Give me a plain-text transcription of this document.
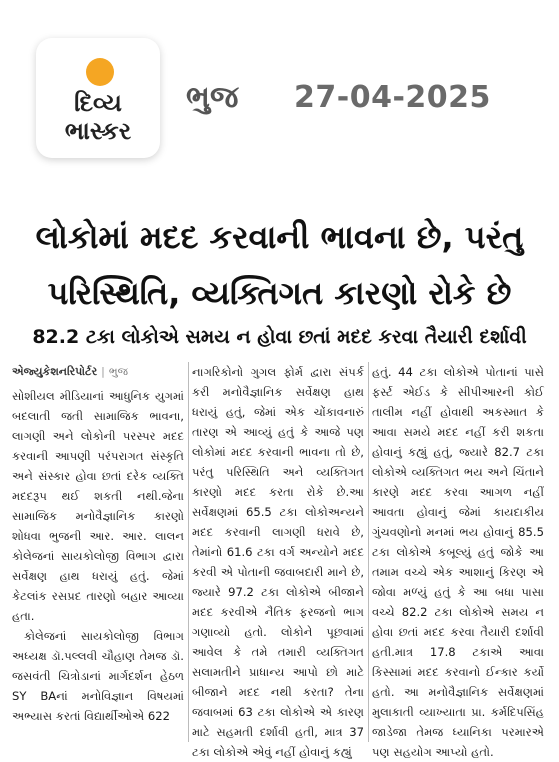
દિવ્ય
ભાસ્કર
ભુજ 27-04-2025
લોકોમાં મદદ કરવાની ભાવના છે, પરંતુ
પરિસ્થિતિ, વ્યક્તિગત કારણો રોકે છે
82.2 ટકા લોકોએ સમય ન હોવા છતાં મદદ કરવા તૈયારી દર્શાવી
એજ્યુકેશનરિપોર્ટર | ભુજ

સોશીયલ મીડિયાનાં આધુનિક યુગમાં બદલાતી જતી સામાજિક ભાવના, લાગણી અને લોકોની પરસ્પર મદદ કરવાની આપણી પરંપરાગત સંસ્કૃતિ અને સંસ્કાર હોવા છતાં દરેક વ્યક્તિ મદદરૂપ થઈ શકતી નથી.જેના સામાજિક મનોવૈજ્ઞાનિક કારણો શોધવા ભુજની આર. આર. લાલન કોલેજનાં સાયકોલોજી વિભાગ દ્વારા સર્વેક્ષણ હાથ ધરાયું હતું. જેમાં કેટલાંક રસપ્રદ તારણો બહાર આવ્યા હતા.

કોલેજનાં સાયકોલોજી વિભાગ અધ્યક્ષ ડૉ.પલ્લવી ચૌહાણ તેમજ ડૉ. જસવંતી ચિત્રોડાનાં માર્ગદર્શન હેઠળ SY BAનાં મનોવિજ્ઞાન વિષયમાં અભ્યાસ કરતાં વિદ્યાર્થીઓએ 622

નાગરિકોનો ગુગલ ફોર્મ દ્વારા સંપર્ક કરી મનોવૈજ્ઞાનિક સર્વેક્ષણ હાથ ધરાયું હતું, જેમાં એક ચોંકાવનારું તારણ એ આવ્યું હતું કે આજે પણ લોકોમાં મદદ કરવાની ભાવના તો છે, પરંતુ પરિસ્થિતિ અને વ્યક્તિગત કારણો મદદ કરતા રોકે છે.આ સર્વેક્ષણમાં 65.5 ટકા લોકોઅન્યને મદદ કરવાની લાગણી ધરાવે છે, તેમાંનો 61.6 ટકા વર્ગ અન્યોને મદદ કરવી એ પોતાની જવાબદારી માને છે, જ્યારે 97.2 ટકા લોકોએ બીજાને મદદ કરવીએ નૈતિક ફરજનો ભાગ ગણાવ્યો હતો. લોકોને પૂછવામાં આવેલ કે તમે તમારી વ્યક્તિગત સલામતીને પ્રાધાન્ય આપો છો માટે બીજાને મદદ નથી કરતા? તેના જવાબમાં 63 ટકા લોકોએ એ કારણ માટે સહમતી દર્શાવી હતી, માત્ર 37 ટકા લોકોએ એવું નહીં હોવાનું કહ્યું

હતું. 44 ટકા લોકોએ પોતાનાં પાસે ફર્સ્ટ એઈડ કે સીપીઆરની કોઈ તાલીમ નહીં હોવાથી અકસ્માત કે આવા સમયે મદદ નહીં કરી શકતા હોવાનું કહ્યું હતું, જ્યારે 82.7 ટકા લોકોએ વ્યક્તિગત ભય અને ચિંતાને કારણે મદદ કરવા આગળ નહીં આવતા હોવાનું જેમાં કાયદાકીય ગુંચવણોનો મનમાં ભય હોવાનું 85.5 ટકા લોકોએ કબૂલ્યું હતું જોકે આ તમામ વચ્ચે એક આશાનું કિરણ એ જોવા મળ્યું હતું કે આ બધા પાસા વચ્ચે 82.2 ટકા લોકોએ સમય ન હોવા છતાં મદદ કરવા તૈયારી દર્શાવી હતી.માત્ર 17.8 ટકાએ આવા કિસ્સામાં મદદ કરવાનો ઈન્કાર કર્યો હતો. આ મનોવૈજ્ઞાનિક સર્વેક્ષણમાં મુલાકાતી વ્યાખ્યાતા પ્રા. કર્મદિપસિંહ જાડેજા તેમજ ધ્યાનિકા પરમારએ પણ સહયોગ આપ્યો હતો.
